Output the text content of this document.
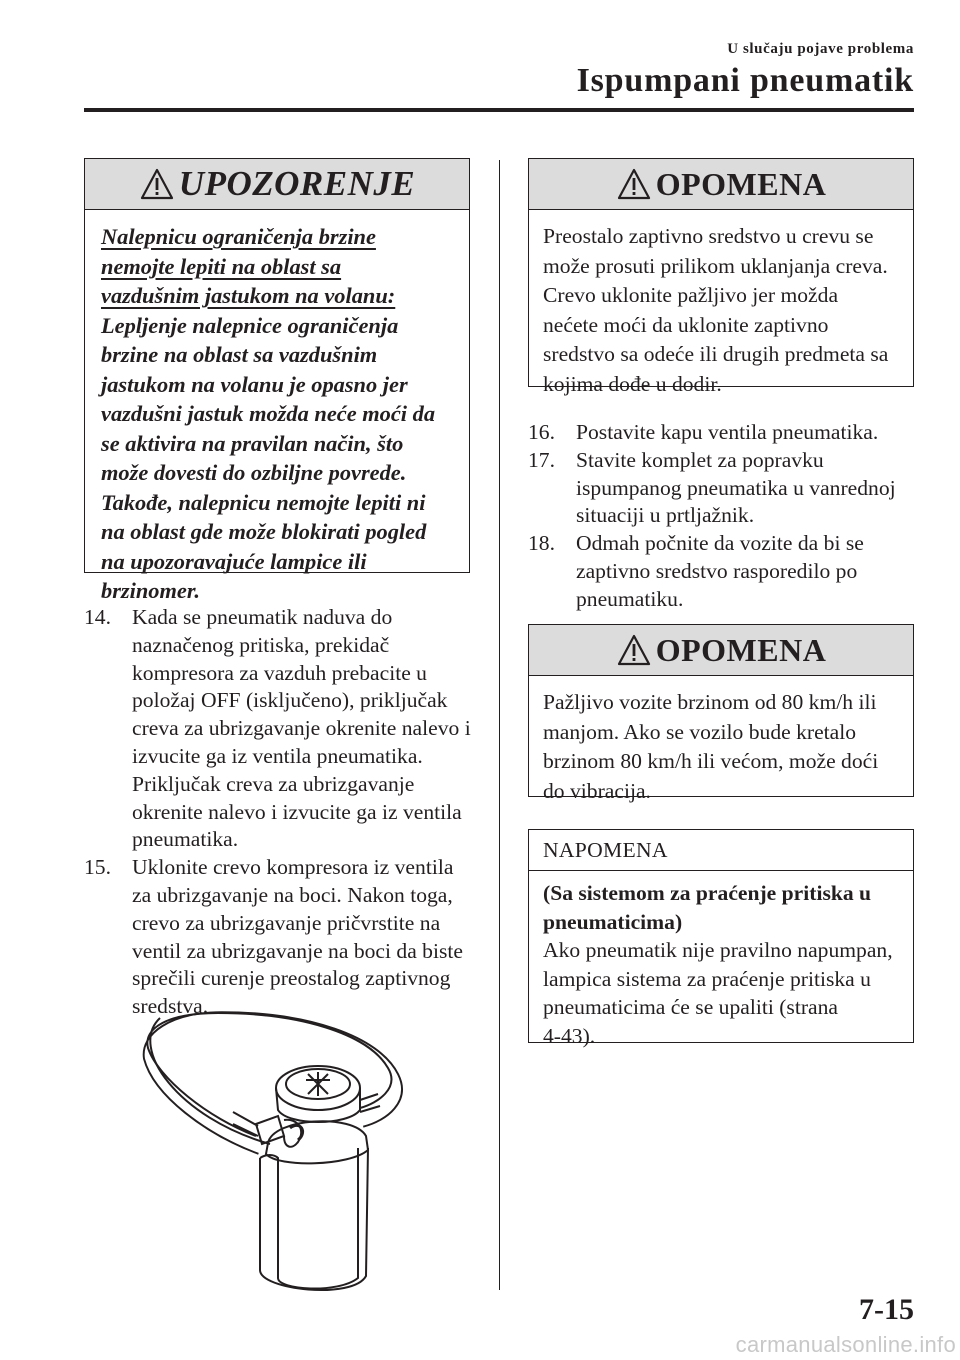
U slučaju pojave problema
Ispumpani pneumatik
UPOZORENJE
Nalepnicu ograničenja brzine
nemojte lepiti na oblast sa
vazdušnim jastukom na volanu:
Lepljenje nalepnice ograničenja
brzine na oblast sa vazdušnim
jastukom na volanu je opasno jer
vazdušni jastuk možda neće moći da
se aktivira na pravilan način, što
može dovesti do ozbiljne povrede.
Takođe, nalepnicu nemojte lepiti ni
na oblast gde može blokirati pogled
na upozoravajuće lampice ili
brzinomer.
14. Kada se pneumatik naduva do
naznačenog pritiska, prekidač
kompresora za vazduh prebacite u
položaj OFF (isključeno), priključak
creva za ubrizgavanje okrenite nalevo i
izvucite ga iz ventila pneumatika.
Priključak creva za ubrizgavanje
okrenite nalevo i izvucite ga iz ventila
pneumatika.
15. Uklonite crevo kompresora iz ventila
za ubrizgavanje na boci. Nakon toga,
crevo za ubrizgavanje pričvrstite na
ventil za ubrizgavanje na boci da biste
sprečili curenje preostalog zaptivnog
sredstva.
OPOMENA
Preostalo zaptivno sredstvo u crevu se
može prosuti prilikom uklanjanja creva.
Crevo uklonite pažljivo jer možda
nećete moći da uklonite zaptivno
sredstvo sa odeće ili drugih predmeta sa
kojima dođe u dodir.
16. Postavite kapu ventila pneumatika.
17. Stavite komplet za popravku
ispumpanog pneumatika u vanrednoj
situaciji u prtljažnik.
18. Odmah počnite da vozite da bi se
zaptivno sredstvo rasporedilo po
pneumatiku.
OPOMENA
Pažljivo vozite brzinom od 80 km/h ili
manjom. Ako se vozilo bude kretalo
brzinom 80 km/h ili većom, može doći
do vibracija.
NAPOMENA
(Sa sistemom za praćenje pritiska u
pneumaticima)
Ako pneumatik nije pravilno napumpan,
lampica sistema za praćenje pritiska u
pneumaticima će se upaliti (strana
4-43).
7-15
carmanualsonline.info
